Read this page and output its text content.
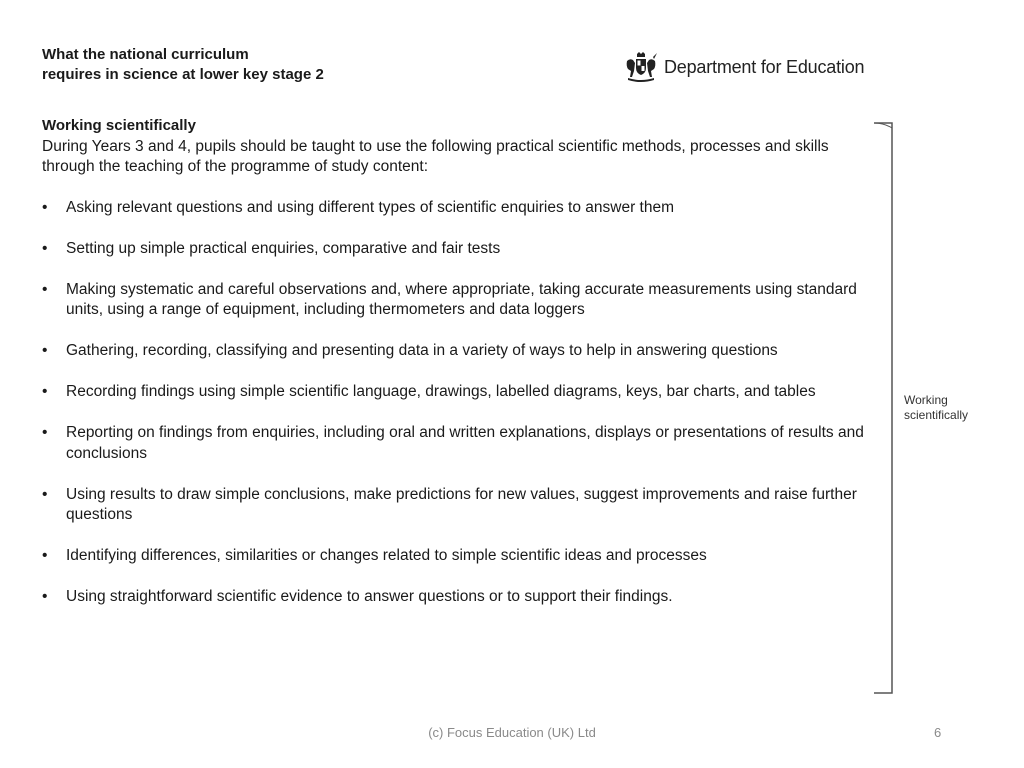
What the national curriculum
requires in science at lower key stage 2	Department for Education
Working scientifically

During Years 3 and 4, pupils should be taught to use the following practical scientific methods, processes and skills through the teaching of the programme of study content:

•	Asking relevant questions and using different types of scientific enquiries to answer them
•	Setting up simple practical enquiries, comparative and fair tests
•	Making systematic and careful observations and, where appropriate, taking accurate measurements using standard units, using a range of equipment, including thermometers and data loggers
•	Gathering, recording, classifying and presenting data in a variety of ways to help in answering questions
•	Recording findings using simple scientific language, drawings, labelled diagrams, keys, bar charts, and tables
•	Reporting on findings from enquiries, including oral and written explanations, displays or presentations of results and conclusions
•	Using results to draw simple conclusions, make predictions for new values, suggest improvements and raise further questions
•	Identifying differences, similarities or changes related to simple scientific ideas and processes
•	Using straightforward scientific evidence to answer questions or to support their findings.
Working
scientifically
(c) Focus Education (UK) Ltd	6
